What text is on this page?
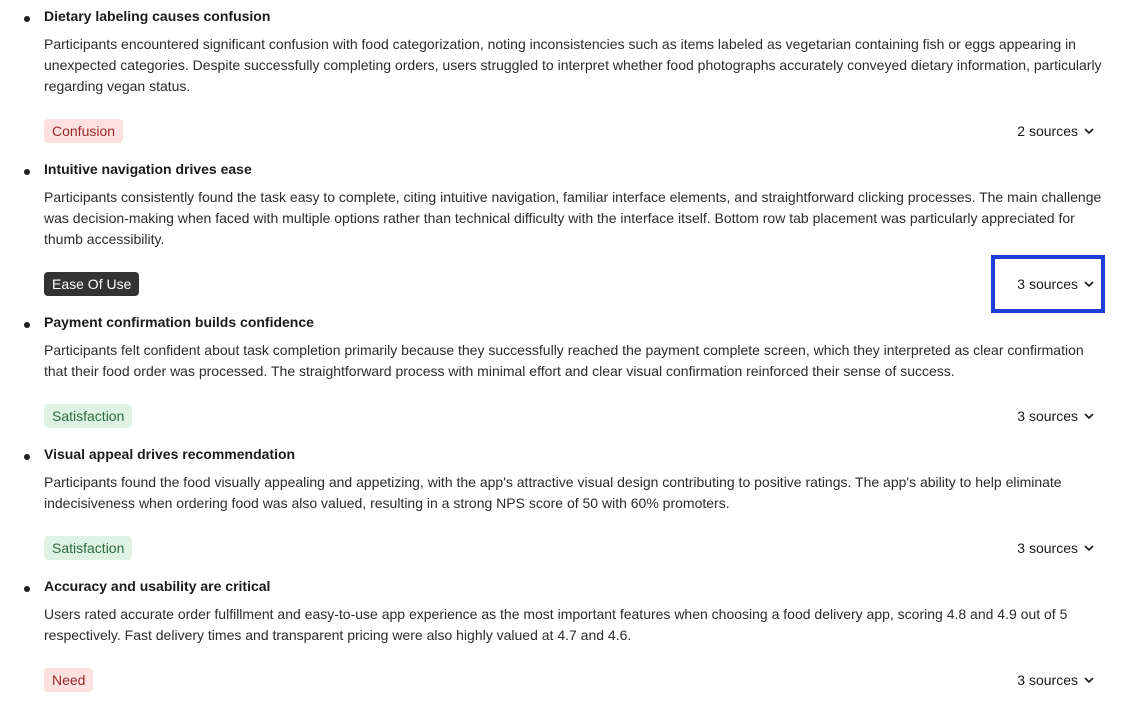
Dietary labeling causes confusion
Participants encountered significant confusion with food categorization, noting inconsistencies such as items labeled as vegetarian containing fish or eggs appearing in unexpected categories. Despite successfully completing orders, users struggled to interpret whether food photographs accurately conveyed dietary information, particularly regarding vegan status.
Confusion	2 sources
Intuitive navigation drives ease
Participants consistently found the task easy to complete, citing intuitive navigation, familiar interface elements, and straightforward clicking processes. The main challenge was decision-making when faced with multiple options rather than technical difficulty with the interface itself. Bottom row tab placement was particularly appreciated for thumb accessibility.
Ease Of Use	3 sources
Payment confirmation builds confidence
Participants felt confident about task completion primarily because they successfully reached the payment complete screen, which they interpreted as clear confirmation that their food order was processed. The straightforward process with minimal effort and clear visual confirmation reinforced their sense of success.
Satisfaction	3 sources
Visual appeal drives recommendation
Participants found the food visually appealing and appetizing, with the app's attractive visual design contributing to positive ratings. The app's ability to help eliminate indecisiveness when ordering food was also valued, resulting in a strong NPS score of 50 with 60% promoters.
Satisfaction	3 sources
Accuracy and usability are critical
Users rated accurate order fulfillment and easy-to-use app experience as the most important features when choosing a food delivery app, scoring 4.8 and 4.9 out of 5 respectively. Fast delivery times and transparent pricing were also highly valued at 4.7 and 4.6.
Need	3 sources
